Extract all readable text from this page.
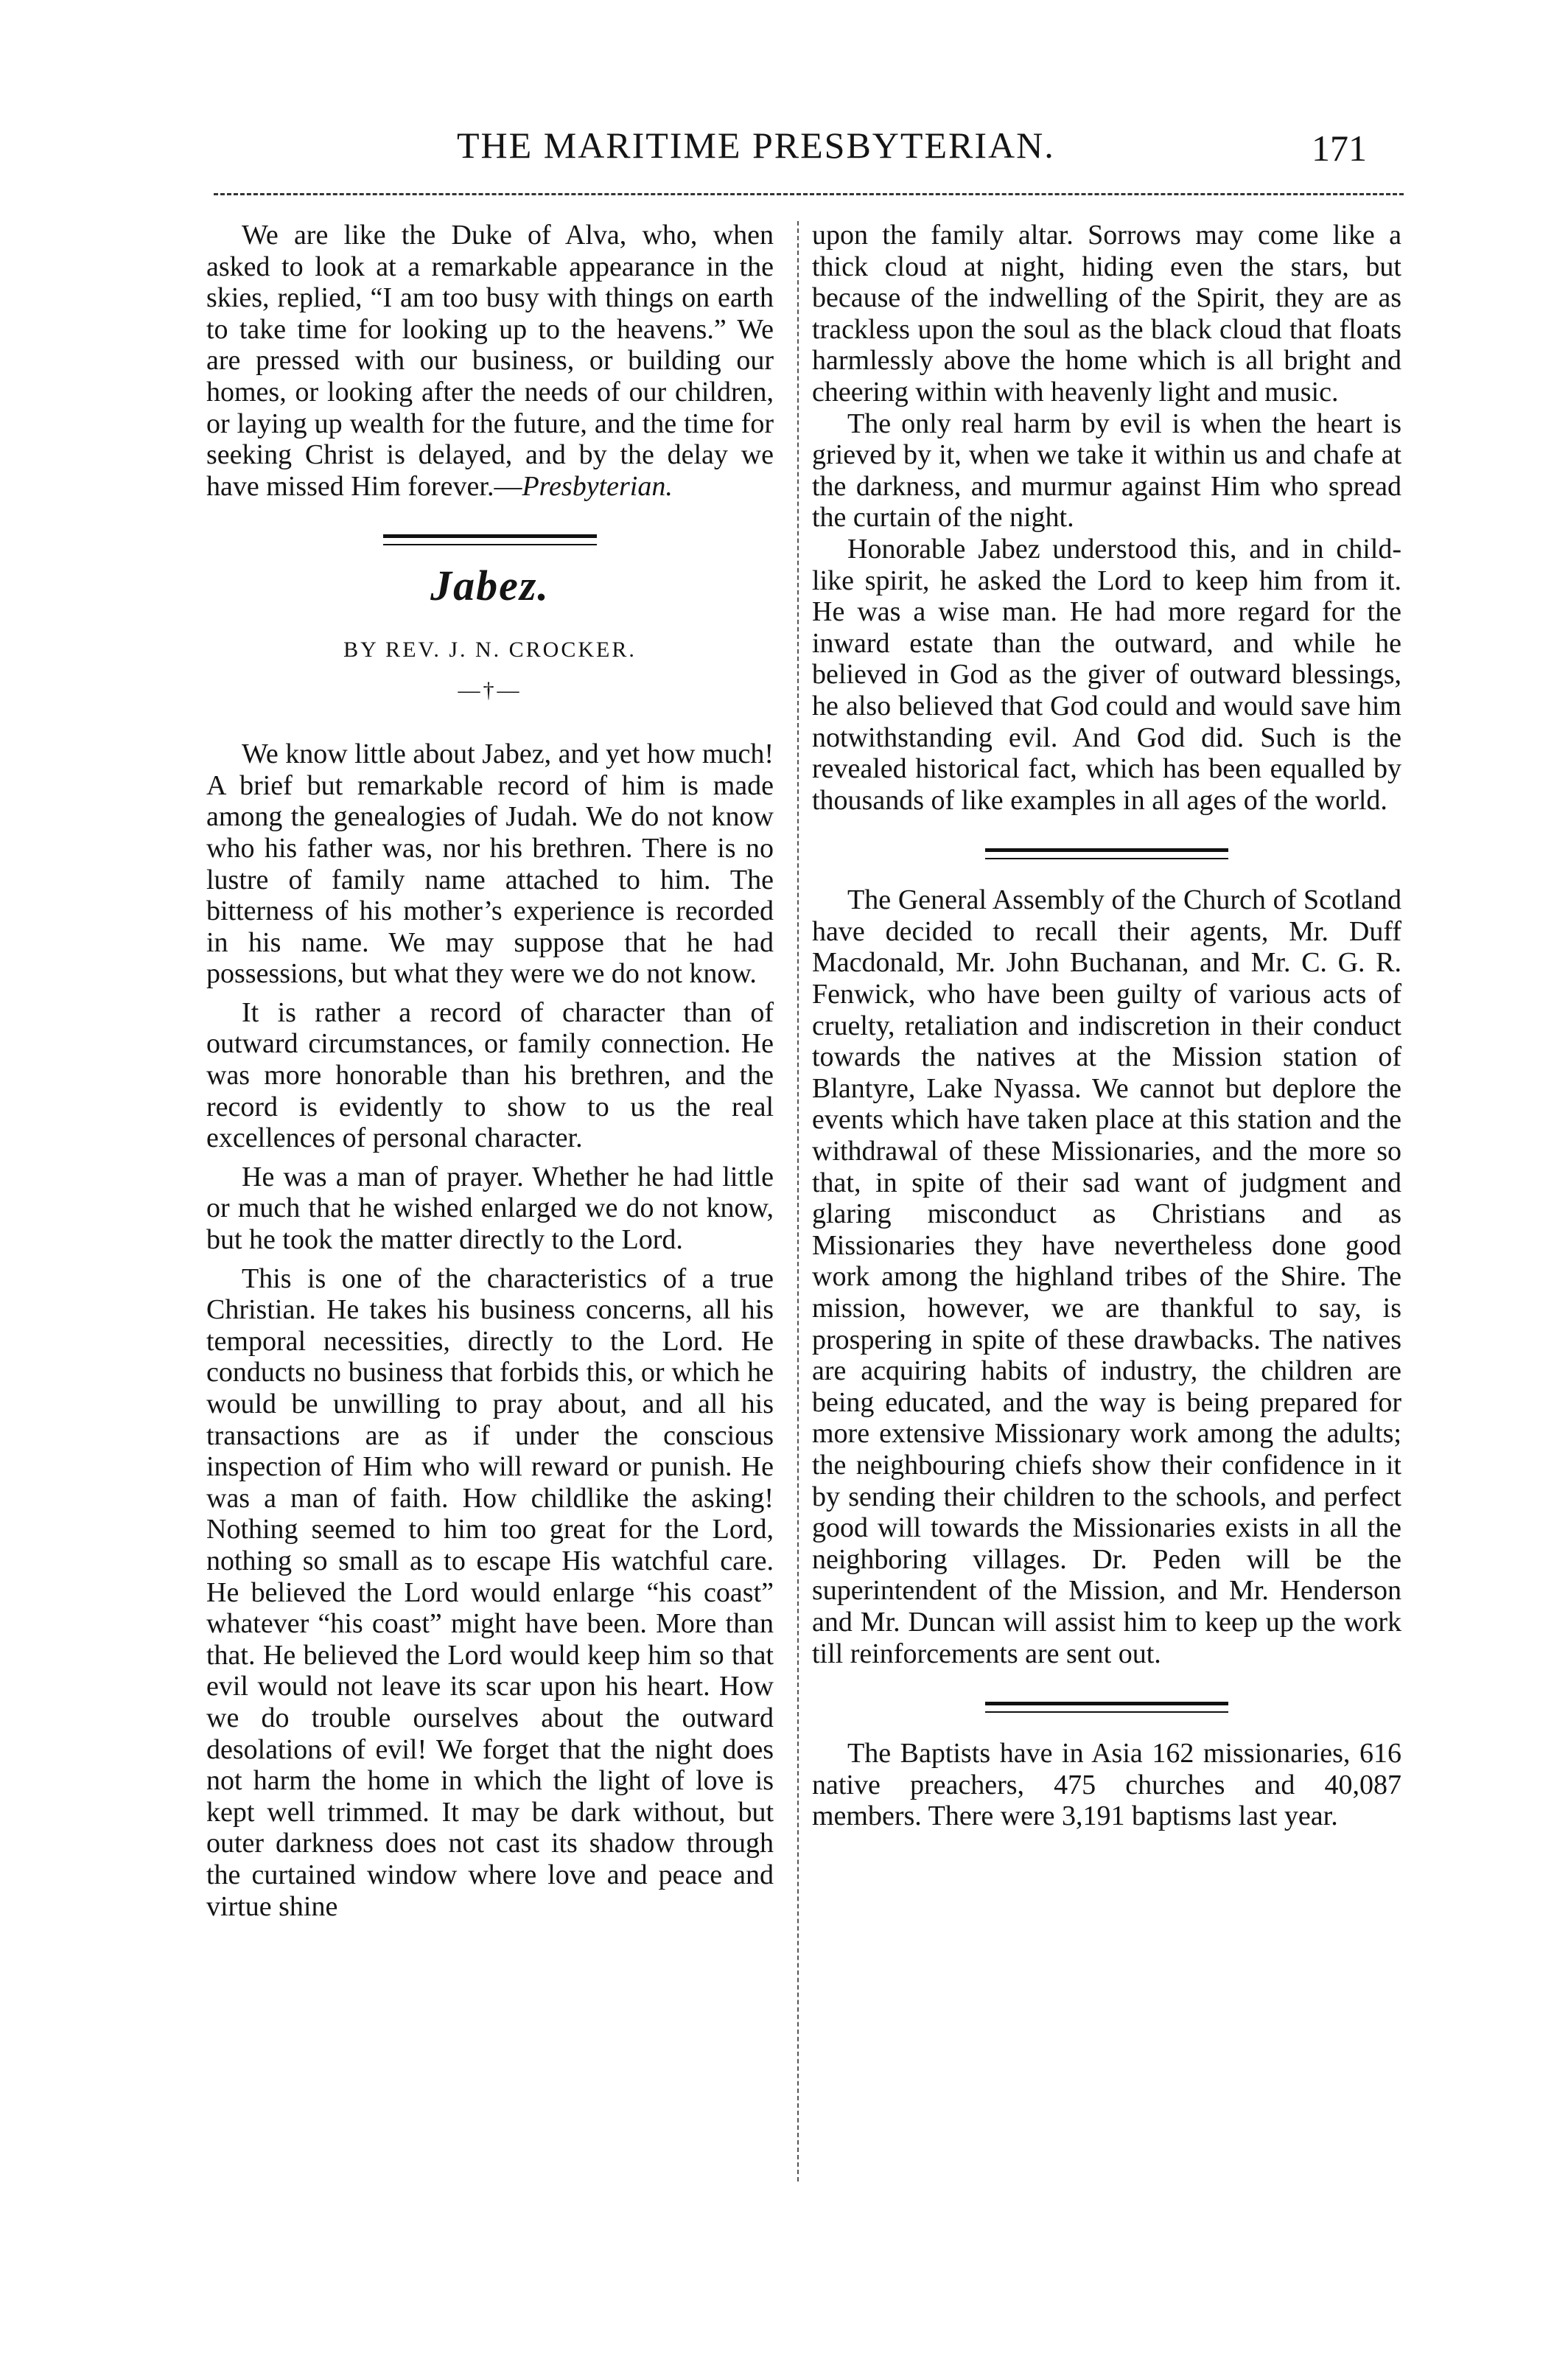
THE MARITIME PRESBYTERIAN.	171

We are like the Duke of Alva, who, when asked to look at a remarkable appearance in the skies, replied, “I am too busy with things on earth to take time for looking up to the heavens.” We are pressed with our business, or building our homes, or looking after the needs of our children, or laying up wealth for the future, and the time for seeking Christ is delayed, and by the delay we have missed Him forever.—Presbyterian.

Jabez.
BY REV. J. N. CROCKER.
—†—

We know little about Jabez, and yet how much! A brief but remarkable record of him is made among the genealogies of Judah. We do not know who his father was, nor his brethren. There is no lustre of family name attached to him. The bitterness of his mother’s experience is recorded in his name. We may suppose that he had possessions, but what they were we do not know.

It is rather a record of character than of outward circumstances, or family connection. He was more honorable than his brethren, and the record is evidently to show to us the real excellences of personal character.

He was a man of prayer. Whether he had little or much that he wished enlarged we do not know, but he took the matter directly to the Lord.

This is one of the characteristics of a true Christian. He takes his business concerns, all his temporal necessities, directly to the Lord. He conducts no business that forbids this, or which he would be unwilling to pray about, and all his transactions are as if under the conscious inspection of Him who will reward or punish. He was a man of faith. How childlike the asking! Nothing seemed to him too great for the Lord, nothing so small as to escape His watchful care. He believed the Lord would enlarge “his coast” whatever “his coast” might have been. More than that. He believed the Lord would keep him so that evil would not leave its scar upon his heart. How we do trouble ourselves about the outward desolations of evil! We forget that the night does not harm the home in which the light of love is kept well trimmed. It may be dark without, but outer darkness does not cast its shadow through the curtained window where love and peace and virtue shine

upon the family altar. Sorrows may come like a thick cloud at night, hiding even the stars, but because of the indwelling of the Spirit, they are as trackless upon the soul as the black cloud that floats harmlessly above the home which is all bright and cheering within with heavenly light and music.

The only real harm by evil is when the heart is grieved by it, when we take it within us and chafe at the darkness, and murmur against Him who spread the curtain of the night.

Honorable Jabez understood this, and in child-like spirit, he asked the Lord to keep him from it. He was a wise man. He had more regard for the inward estate than the outward, and while he believed in God as the giver of outward blessings, he also believed that God could and would save him notwithstanding evil. And God did. Such is the revealed historical fact, which has been equalled by thousands of like examples in all ages of the world.

The General Assembly of the Church of Scotland have decided to recall their agents, Mr. Duff Macdonald, Mr. John Buchanan, and Mr. C. G. R. Fenwick, who have been guilty of various acts of cruelty, retaliation and indiscretion in their conduct towards the natives at the Mission station of Blantyre, Lake Nyassa. We cannot but deplore the events which have taken place at this station and the withdrawal of these Missionaries, and the more so that, in spite of their sad want of judgment and glaring misconduct as Christians and as Missionaries they have nevertheless done good work among the highland tribes of the Shire. The mission, however, we are thankful to say, is prospering in spite of these drawbacks. The natives are acquiring habits of industry, the children are being educated, and the way is being prepared for more extensive Missionary work among the adults; the neighbouring chiefs show their confidence in it by sending their children to the schools, and perfect good will towards the Missionaries exists in all the neighboring villages. Dr. Peden will be the superintendent of the Mission, and Mr. Henderson and Mr. Duncan will assist him to keep up the work till reinforcements are sent out.

The Baptists have in Asia 162 missionaries, 616 native preachers, 475 churches and 40,087 members. There were 3,191 baptisms last year.
